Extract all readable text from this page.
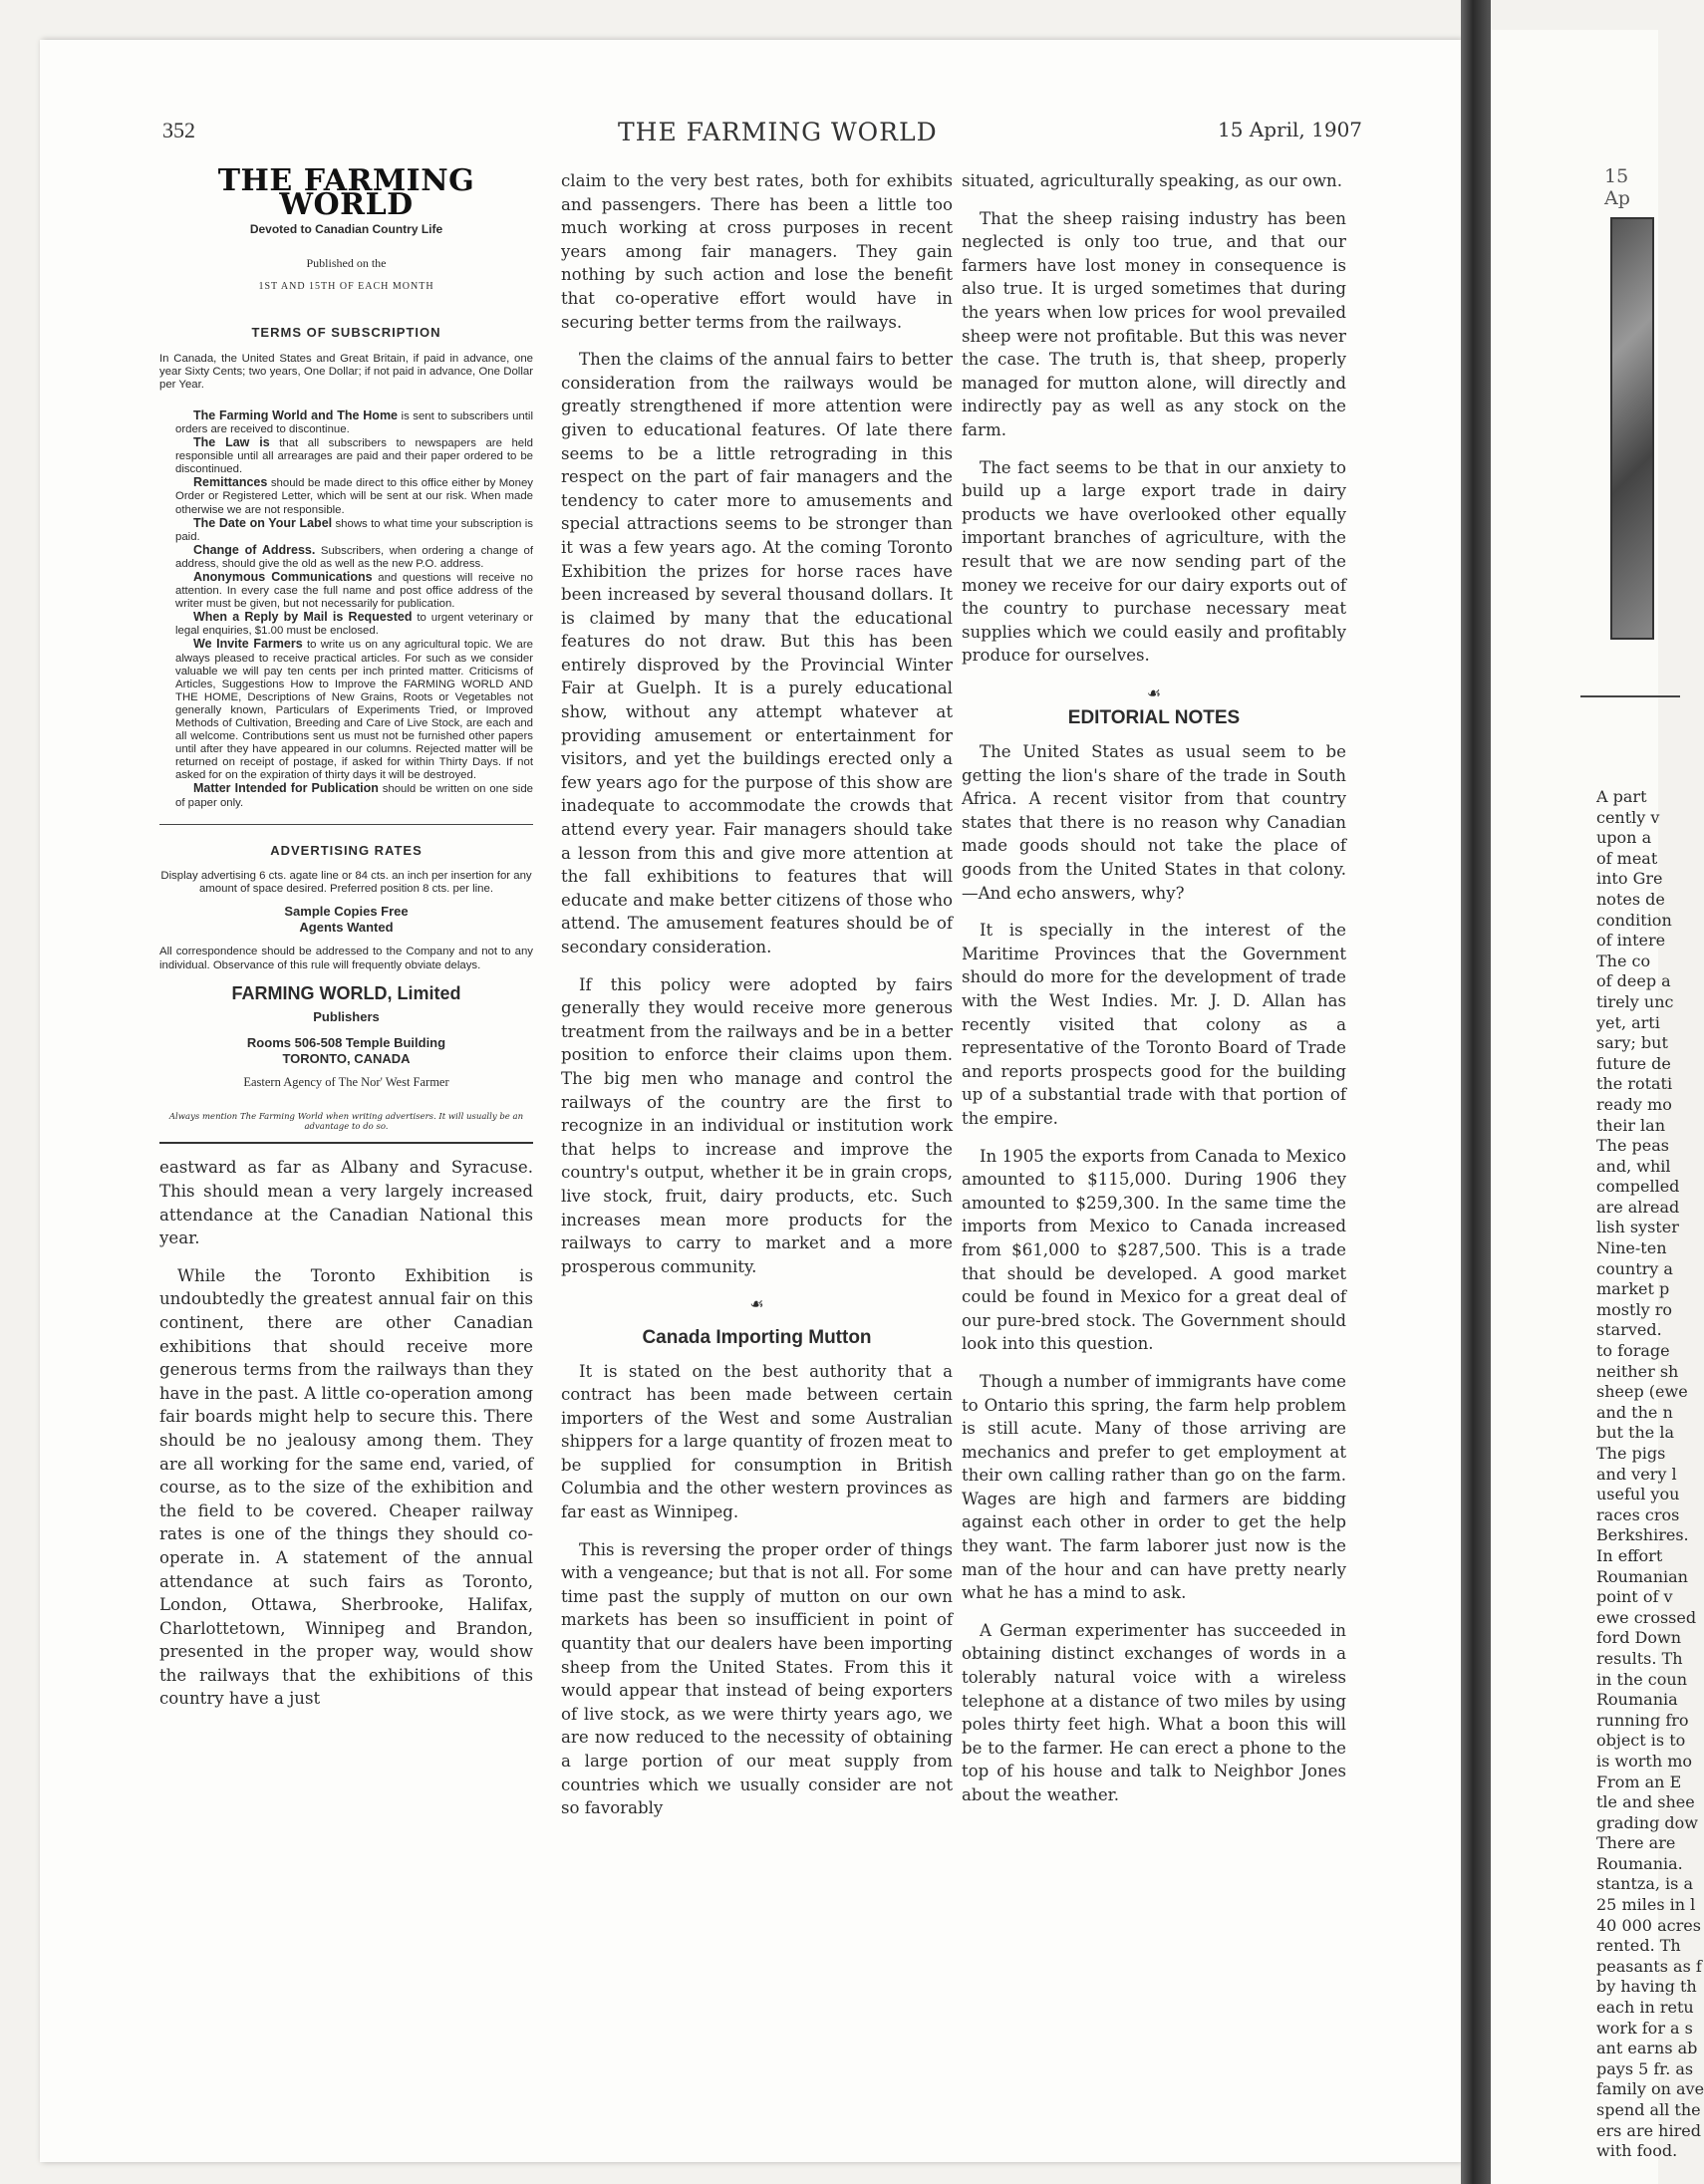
352	THE FARMING WORLD	15 April, 1907
THE FARMING WORLD
Devoted to Canadian Country Life
Published on the
1ST AND 15TH OF EACH MONTH
TERMS OF SUBSCRIPTION
In Canada, the United States and Great Britain, if paid in advance, one year Sixty Cents; two years, One Dollar; if not paid in advance, One Dollar per Year.

The Farming World and The Home is sent to subscribers until orders are received to discontinue.

The Law is that all subscribers to newspapers are held responsible until all arrearages are paid and their paper ordered to be discontinued.

Remittances should be made direct to this office either by Money Order or Registered Letter, which will be sent at our risk. When made otherwise we are not responsible.

The Date on Your Label shows to what time your subscription is paid.

Change of Address. Subscribers, when ordering a change of address, should give the old as well as the new P.O. address.

Anonymous Communications and questions will receive no attention. In every case the full name and post office address of the writer must be given, but not necessarily for publication.

When a Reply by Mail is Requested to urgent veterinary or legal enquiries, $1.00 must be enclosed.

We Invite Farmers to write us on any agricultural topic. We are always pleased to receive practical articles. For such as we consider valuable we will pay ten cents per inch printed matter. Criticisms of Articles, Suggestions How to Improve the FARMING WORLD AND THE HOME, Descriptions of New Grains, Roots or Vegetables not generally known, Particulars of Experiments Tried, or Improved Methods of Cultivation, Breeding and Care of Live Stock, are each and all welcome. Contributions sent us must not be furnished other papers until after they have appeared in our columns. Rejected matter will be returned on receipt of postage, if asked for within Thirty Days. If not asked for on the expiration of thirty days it will be destroyed.

Matter Intended for Publication should be written on one side of paper only.

ADVERTISING RATES
Display advertising 6 cts. agate line or 84 cts. an inch per insertion for any amount of space desired. Preferred position 8 cts. per line.
Sample Copies Free
Agents Wanted
All correspondence should be addressed to the Company and not to any individual. Observance of this rule will frequently obviate delays.
FARMING WORLD, Limited
Publishers
Rooms 506-508 Temple Building
TORONTO, CANADA
Eastern Agency of The Nor' West Farmer
Always mention The Farming World when writing advertisers. It will usually be an advantage to do so.

eastward as far as Albany and Syracuse. This should mean a very largely increased attendance at the Canadian National this year.

While the Toronto Exhibition is undoubtedly the greatest annual fair on this continent, there are other Canadian exhibitions that should receive more generous terms from the railways than they have in the past. A little co-operation among fair boards might help to secure this. There should be no jealousy among them. They are all working for the same end, varied, of course, as to the size of the exhibition and the field to be covered. Cheaper railway rates is one of the things they should co-operate in. A statement of the annual attendance at such fairs as Toronto, London, Ottawa, Sherbrooke, Halifax, Charlottetown, Winnipeg and Brandon, presented in the proper way, would show the railways that the exhibitions of this country have a just

claim to the very best rates, both for exhibits and passengers. There has been a little too much working at cross purposes in recent years among fair managers. They gain nothing by such action and lose the benefit that co-operative effort would have in securing better terms from the railways.

Then the claims of the annual fairs to better consideration from the railways would be greatly strengthened if more attention were given to educational features. Of late there seems to be a little retrograding in this respect on the part of fair managers and the tendency to cater more to amusements and special attractions seems to be stronger than it was a few years ago. At the coming Toronto Exhibition the prizes for horse races have been increased by several thousand dollars. It is claimed by many that the educational features do not draw. But this has been entirely disproved by the Provincial Winter Fair at Guelph. It is a purely educational show, without any attempt whatever at providing amusement or entertainment for visitors, and yet the buildings erected only a few years ago for the purpose of this show are inadequate to accommodate the crowds that attend every year. Fair managers should take a lesson from this and give more attention at the fall exhibitions to features that will educate and make better citizens of those who attend. The amusement features should be of secondary consideration.

If this policy were adopted by fairs generally they would receive more generous treatment from the railways and be in a better position to enforce their claims upon them. The big men who manage and control the railways of the country are the first to recognize in an individual or institution work that helps to increase and improve the country's output, whether it be in grain crops, live stock, fruit, dairy products, etc. Such increases mean more products for the railways to carry to market and a more prosperous community.

☙
Canada Importing Mutton

It is stated on the best authority that a contract has been made between certain importers of the West and some Australian shippers for a large quantity of frozen meat to be supplied for consumption in British Columbia and the other western provinces as far east as Winnipeg.

This is reversing the proper order of things with a vengeance; but that is not all. For some time past the supply of mutton on our own markets has been so insufficient in point of quantity that our dealers have been importing sheep from the United States. From this it would appear that instead of being exporters of live stock, as we were thirty years ago, we are now reduced to the necessity of obtaining a large portion of our meat supply from countries which we usually consider are not so favorably

situated, agriculturally speaking, as our own.

That the sheep raising industry has been neglected is only too true, and that our farmers have lost money in consequence is also true. It is urged sometimes that during the years when low prices for wool prevailed sheep were not profitable. But this was never the case. The truth is, that sheep, properly managed for mutton alone, will directly and indirectly pay as well as any stock on the farm.

The fact seems to be that in our anxiety to build up a large export trade in dairy products we have overlooked other equally important branches of agriculture, with the result that we are now sending part of the money we receive for our dairy exports out of the country to purchase necessary meat supplies which we could easily and profitably produce for ourselves.

☙
EDITORIAL NOTES

The United States as usual seem to be getting the lion's share of the trade in South Africa. A recent visitor from that country states that there is no reason why Canadian made goods should not take the place of goods from the United States in that colony.—And echo answers, why?

It is specially in the interest of the Maritime Provinces that the Government should do more for the development of trade with the West Indies. Mr. J. D. Allan has recently visited that colony as a representative of the Toronto Board of Trade and reports prospects good for the building up of a substantial trade with that portion of the empire.

In 1905 the exports from Canada to Mexico amounted to $115,000. During 1906 they amounted to $259,300. In the same time the imports from Mexico to Canada increased from $61,000 to $287,500. This is a trade that should be developed. A good market could be found in Mexico for a great deal of our pure-bred stock. The Government should look into this question.

Though a number of immigrants have come to Ontario this spring, the farm help problem is still acute. Many of those arriving are mechanics and prefer to get employment at their own calling rather than go on the farm. Wages are high and farmers are bidding against each other in order to get the help they want. The farm laborer just now is the man of the hour and can have pretty nearly what he has a mind to ask.

A German experimenter has succeeded in obtaining distinct exchanges of words in a tolerably natural voice with a wireless telephone at a distance of two miles by using poles thirty feet high. What a boon this will be to the farmer. He can erect a phone to the top of his house and talk to Neighbor Jones about the weather.

15 Ap
A part
cently v
upon a
of meat
into Gre
notes de
condition
of intere
The co
of deep a
tirely unc
yet, arti
sary; but
future de
the rotati
ready mo
their lan
The peas
and, whil
compelled
are alread
lish syster
Nine-ten
country a
market p
mostly ro
starved.
to forage
neither sh
sheep (ewe
and the n
but the la
The pigs
and very l
useful you
races cros
Berkshires.
In effort
Roumanian
point of v
ewe crossed
ford Down
results. Th
in the coun
Roumania
running fro
object is to
is worth mo
From an E
tle and shee
grading dow
There are
Roumania.
stantza, is a
25 miles in l
40 000 acres
rented. Th
peasants as f
by having th
each in retu
work for a s
ant earns ab
pays 5 fr. as
family on ave
spend all the
ers are hired
with food.
